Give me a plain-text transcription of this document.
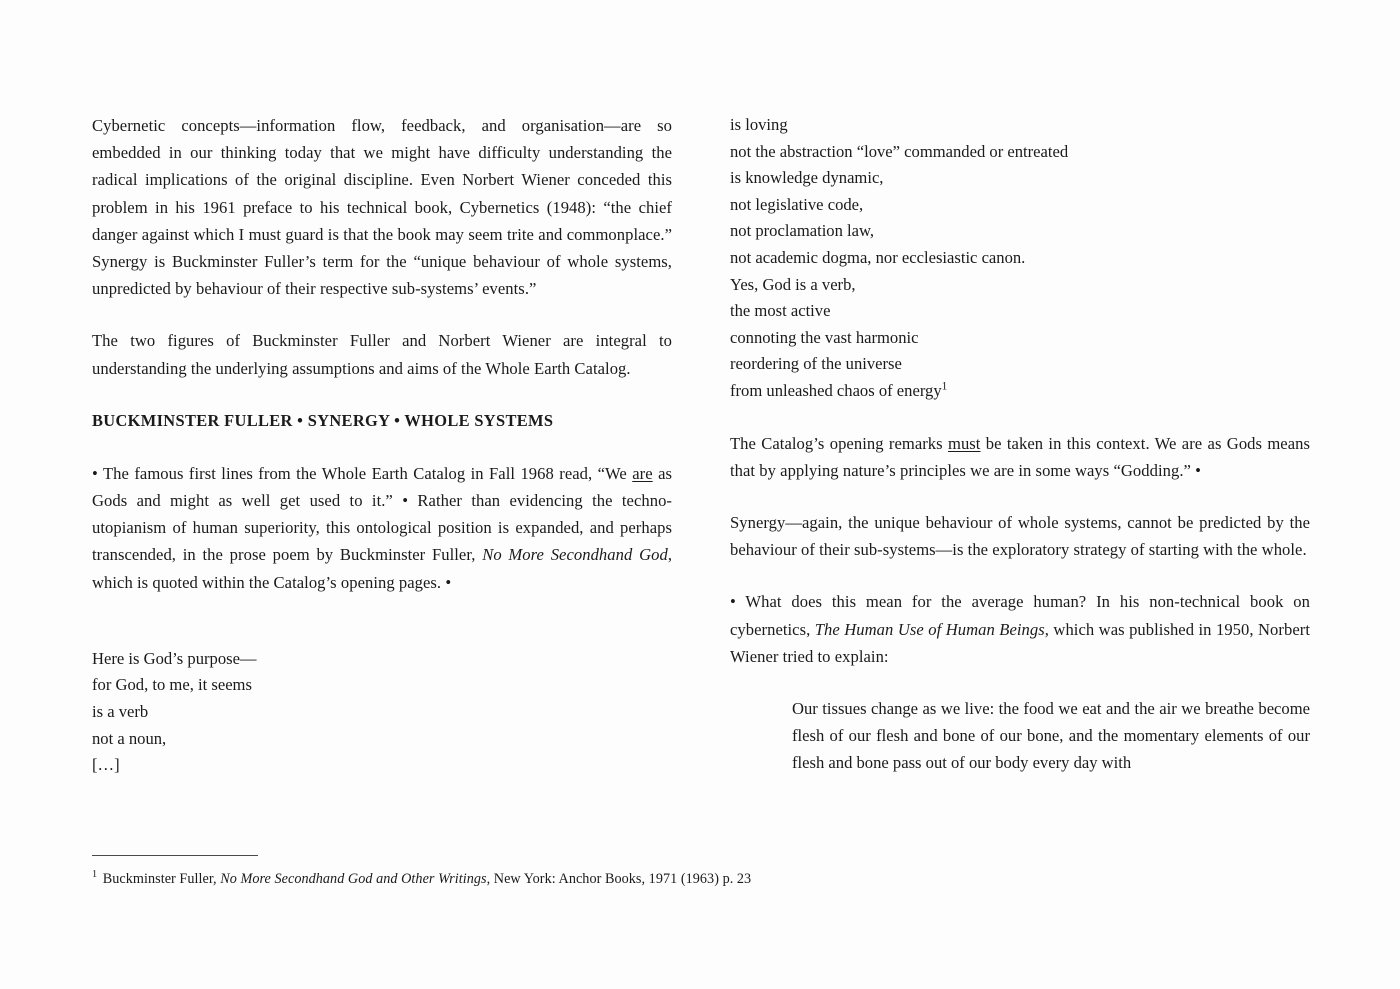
Cybernetic concepts—information flow, feedback, and organisation—are so embedded in our thinking today that we might have difficulty understanding the radical implications of the original discipline. Even Norbert Wiener conceded this problem in his 1961 preface to his technical book, Cybernetics (1948): “the chief danger against which I must guard is that the book may seem trite and commonplace.” Synergy is Buckminster Fuller’s term for the “unique behaviour of whole systems, unpredicted by behaviour of their respective sub-systems’ events.”

The two figures of Buckminster Fuller and Norbert Wiener are integral to understanding the underlying assumptions and aims of the Whole Earth Catalog.

BUCKMINSTER FULLER • SYNERGY • WHOLE SYSTEMS

• The famous first lines from the Whole Earth Catalog in Fall 1968 read, “We are as Gods and might as well get used to it.” • Rather than evidencing the techno-utopianism of human superiority, this ontological position is expanded, and perhaps transcended, in the prose poem by Buckminster Fuller, No More Secondhand God, which is quoted within the Catalog’s opening pages. •

Here is God’s purpose—
for God, to me, it seems
is a verb
not a noun,
[…]
is loving
not the abstraction “love” commanded or entreated
is knowledge dynamic,
not legislative code,
not proclamation law,
not academic dogma, nor ecclesiastic canon.
Yes, God is a verb,
the most active
connoting the vast harmonic
reordering of the universe
from unleashed chaos of energy$^1$

The Catalog’s opening remarks must be taken in this context. We are as Gods means that by applying nature’s principles we are in some ways “Godding.” •

Synergy—again, the unique behaviour of whole systems, cannot be predicted by the behaviour of their sub-systems—is the exploratory strategy of starting with the whole.

• What does this mean for the average human? In his non-technical book on cybernetics, The Human Use of Human Beings, which was published in 1950, Norbert Wiener tried to explain:

Our tissues change as we live: the food we eat and the air we breathe become flesh of our flesh and bone of our bone, and the momentary elements of our flesh and bone pass out of our body every day with

$^1$ Buckminster Fuller, No More Secondhand God and Other Writings, New York: Anchor Books, 1971 (1963) p. 23
